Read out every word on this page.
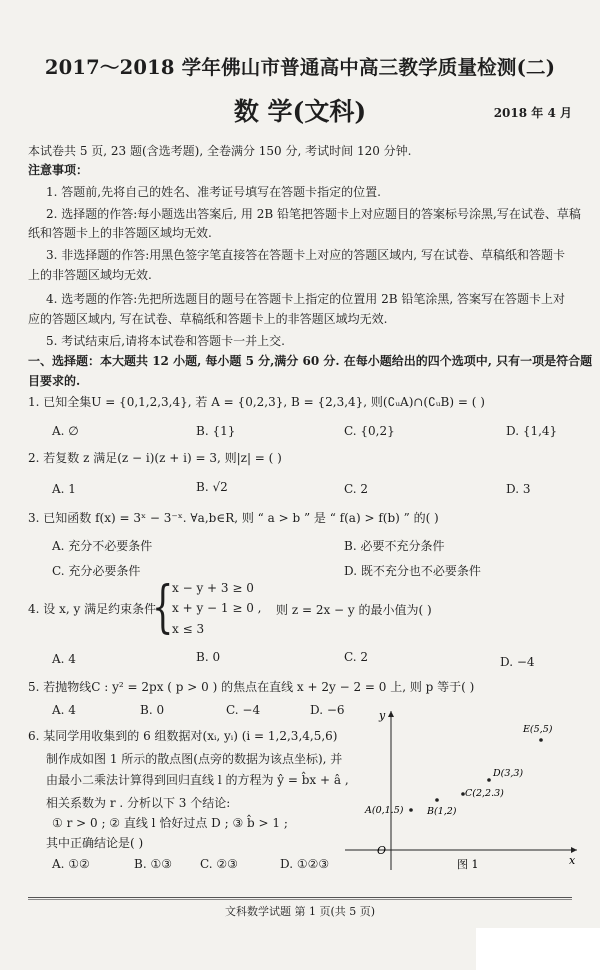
2017～2018 学年佛山市普通高中高三教学质量检测(二)
数 学(文科)	2018 年 4 月
本试卷共 5 页, 23 题(含选考题), 全卷满分 150 分, 考试时间 120 分钟.
注意事项：
1. 答题前,先将自己的姓名、准考证号填写在答题卡指定的位置.
2. 选择题的作答:每小题选出答案后, 用 2B 铅笔把答题卡上对应题目的答案标号涂黑,写在试卷、草稿
纸和答题卡上的非答题区域均无效.
3. 非选择题的作答:用黑色签字笔直接答在答题卡上对应的答题区域内, 写在试卷、草稿纸和答题卡
上的非答题区域均无效.
4. 选考题的作答:先把所选题目的题号在答题卡上指定的位置用 2B 铅笔涂黑, 答案写在答题卡上对
应的答题区域内, 写在试卷、草稿纸和答题卡上的非答题区域均无效.
5. 考试结束后,请将本试卷和答题卡一并上交.
一、选择题：本大题共 12 小题, 每小题 5 分,满分 60 分. 在每小题给出的四个选项中, 只有一项是符合题
目要求的.
1. 已知全集U = {0,1,2,3,4}, 若 A = {0,2,3}, B = {2,3,4}, 则(∁ᵤA)∩(∁ᵤB) = ( )
A. ∅	B. {1}	C. {0,2}	D. {1,4}
2. 若复数 z 满足(z − i)(z + i) = 3, 则|z| = ( )
A. 1	B. √2	C. 2	D. 3
3. 已知函数 f(x) = 3ˣ − 3⁻ˣ. ∀a,b∈R, 则 “ a > b ” 是 “ f(a) > f(b) ” 的( )
A. 充分不必要条件	B. 必要不充分条件
C. 充分必要条件	D. 既不充分也不必要条件
4. 设 x, y 满足约束条件
{
x − y + 3 ≥ 0
x + y − 1 ≥ 0 ,
x ≤ 3
则 z = 2x − y 的最小值为( )
A. 4	B. 0	C. 2	D. −4
5. 若抛物线C : y² = 2px ( p > 0 ) 的焦点在直线 x + 2y − 2 = 0 上, 则 p 等于( )
A. 4	B. 0	C. −4	D. −6
6. 某同学用收集到的 6 组数据对(xᵢ, yᵢ) (i = 1,2,3,4,5,6)
制作成如图 1 所示的散点图(点旁的数据为该点坐标), 并
由最小二乘法计算得到回归直线 l 的方程为 ŷ = b̂x + â ,
相关系数为 r . 分析以下 3 个结论:
① r > 0 ; ② 直线 l 恰好过点 D ; ③ b̂ > 1 ;
其中正确结论是( )
A. ①②	B. ①③ C. ②③	D. ①②③	x
y
O
图 1
A(0,1.5) B(1,2)
C(2,2.3)
D(3,3)
E(5,5)
文科数学试题 第 1 页(共 5 页)
